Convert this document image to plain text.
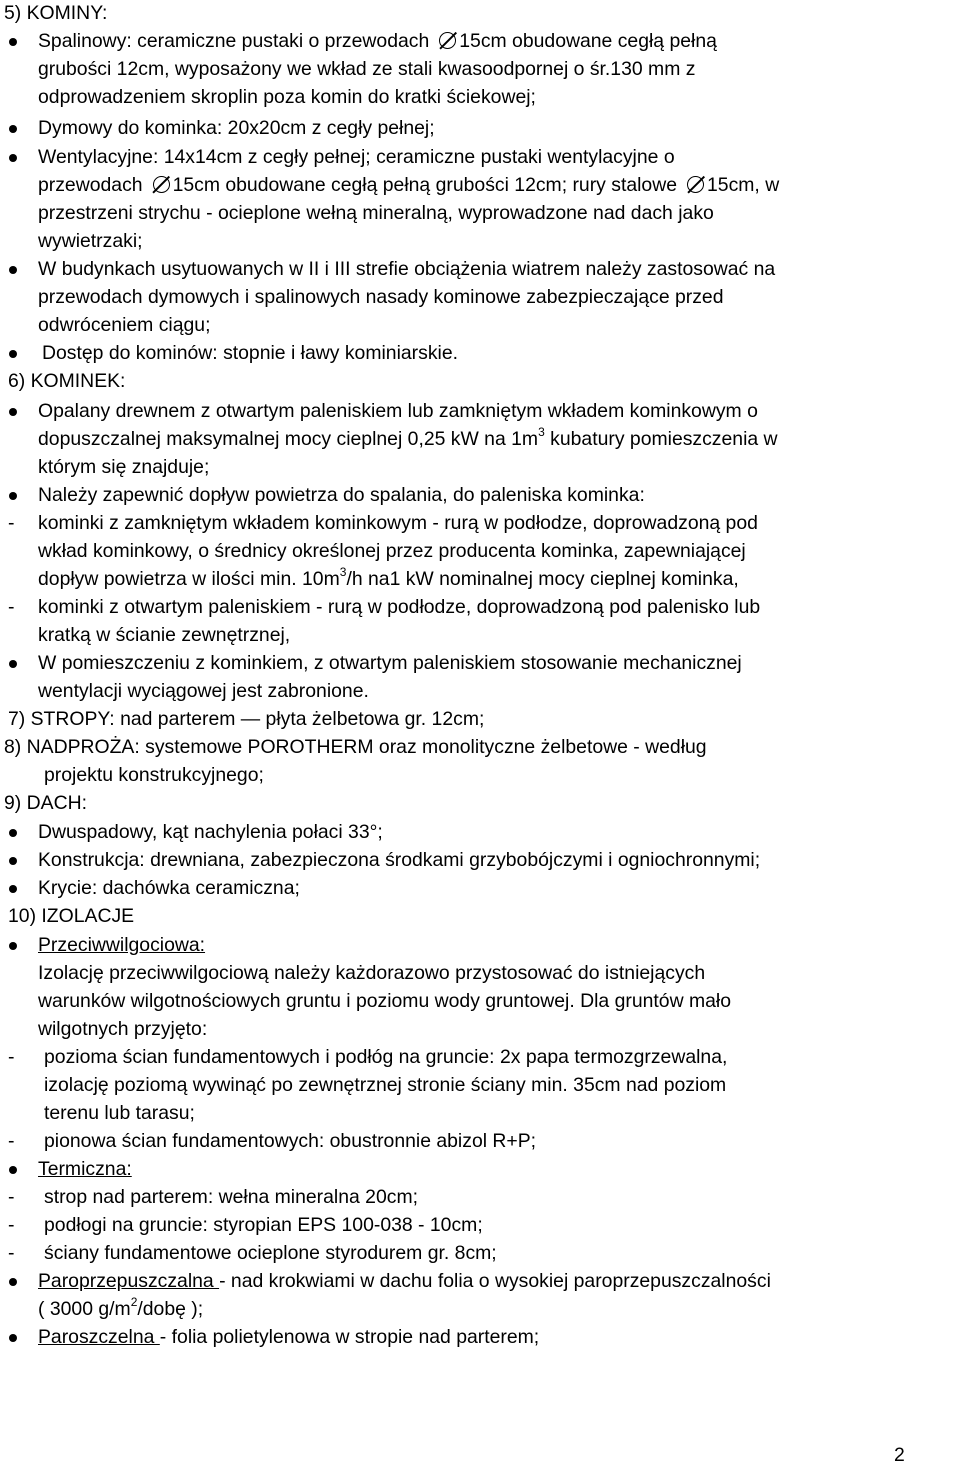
5) KOMINY:
Spalinowy: ceramiczne pustaki o przewodach 15cm obudowane cegłą pełną
grubości 12cm, wyposażony we wkład ze stali kwasoodpornej o śr.130 mm z
odprowadzeniem skroplin poza komin do kratki ściekowej;
Dymowy do kominka: 20x20cm z cegły pełnej;
Wentylacyjne: 14x14cm z cegły pełnej; ceramiczne pustaki wentylacyjne o
przewodach 15cm obudowane cegłą pełną grubości 12cm; rury stalowe 15cm, w
przestrzeni strychu - ocieplone wełną mineralną, wyprowadzone nad dach jako
wywietrzaki;
W budynkach usytuowanych w II i III strefie obciążenia wiatrem należy zastosować na
przewodach dymowych i spalinowych nasady kominowe zabezpieczające przed
odwróceniem ciągu;
Dostęp do kominów: stopnie i ławy kominiarskie.
6) KOMINEK:
Opalany drewnem z otwartym paleniskiem lub zamkniętym wkładem kominkowym o
dopuszczalnej maksymalnej mocy cieplnej 0,25 kW na $1m^3$ kubatury pomieszczenia w
którym się znajduje;
Należy zapewnić dopływ powietrza do spalania, do paleniska kominka:
- kominki z zamkniętym wkładem kominkowym - rurą w podłodze, doprowadzoną pod
wkład kominkowy, o średnicy określonej przez producenta kominka, zapewniającej
dopływ powietrza w ilości min. $10m^3/h$ na1 kW nominalnej mocy cieplnej kominka,
- kominki z otwartym paleniskiem - rurą w podłodze, doprowadzoną pod palenisko lub
kratką w ścianie zewnętrznej,
W pomieszczeniu z kominkiem, z otwartym paleniskiem stosowanie mechanicznej
wentylacji wyciągowej jest zabronione.
7) STROPY: nad parterem — płyta żelbetowa gr. 12cm;
8) NADPROŻA: systemowe POROTHERM oraz monolityczne żelbetowe - według
projektu konstrukcyjnego;
9) DACH:
Dwuspadowy, kąt nachylenia połaci 33°;
Konstrukcja: drewniana, zabezpieczona środkami grzybobójczymi i ogniochronnymi;
Krycie: dachówka ceramiczna;
10) IZOLACJE
Przeciwwilgociowa:
Izolację przeciwwilgociową należy każdorazowo przystosować do istniejących
warunków wilgotnościowych gruntu i poziomu wody gruntowej. Dla gruntów mało
wilgotnych przyjęto:
- pozioma ścian fundamentowych i podłóg na gruncie: 2x papa termozgrzewalna,
izolację poziomą wywinąć po zewnętrznej stronie ściany min. 35cm nad poziom
terenu lub tarasu;
- pionowa ścian fundamentowych: obustronnie abizol R+P;
Termiczna:
- strop nad parterem: wełna mineralna 20cm;
- podłogi na gruncie: styropian EPS 100-038 - 10cm;
- ściany fundamentowe ocieplone styrodurem gr. 8cm;
Paroprzepuszczalna - nad krokwiami w dachu folia o wysokiej paroprzepuszczalności
( 3000 $g/m^2$/dobę );
Paroszczelna - folia polietylenowa w stropie nad parterem;
2
